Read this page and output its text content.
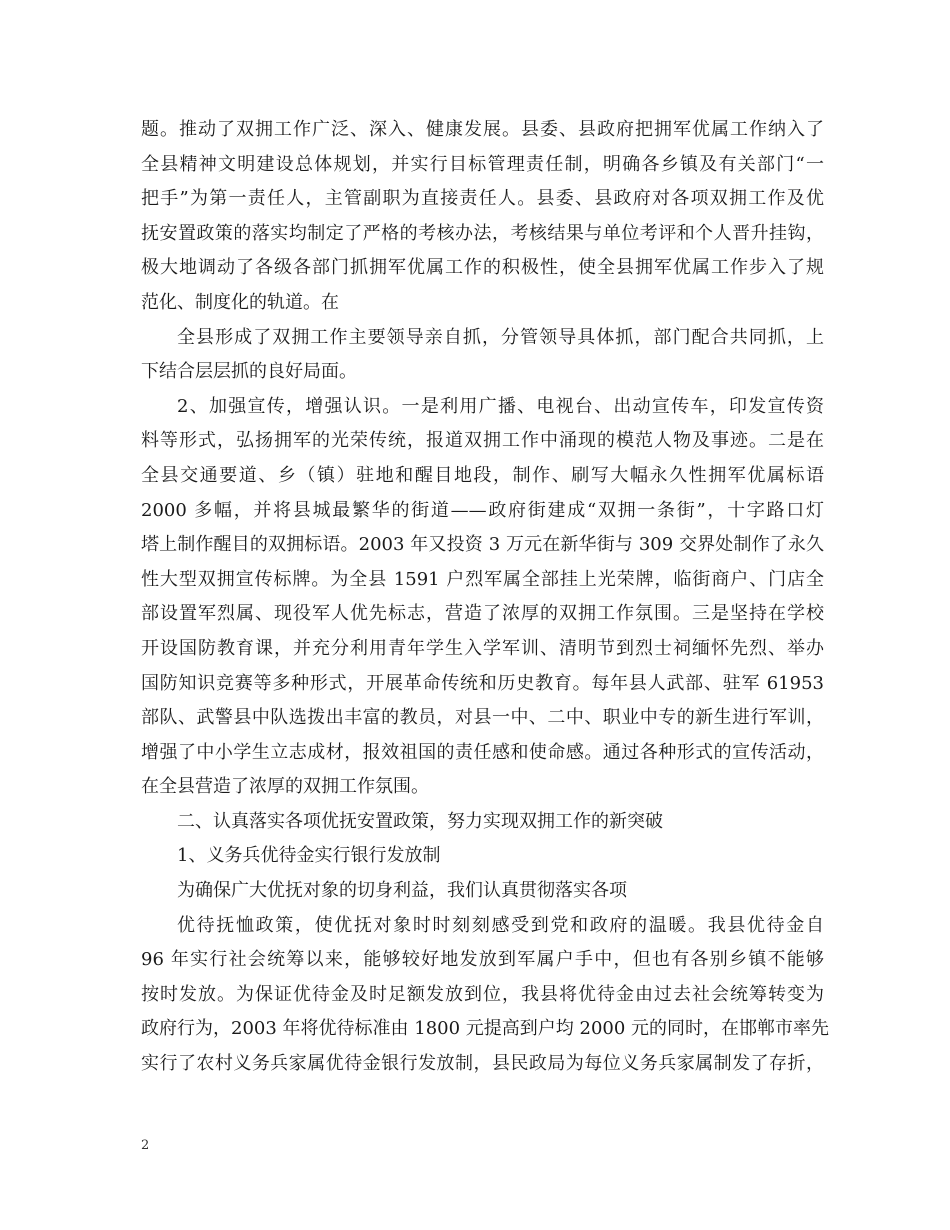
题。推动了双拥工作广泛、深入、健康发展。县委、县政府把拥军优属工作纳入了
全县精神文明建设总体规划，并实行目标管理责任制，明确各乡镇及有关部门“一
把手”为第一责任人，主管副职为直接责任人。县委、县政府对各项双拥工作及优
抚安置政策的落实均制定了严格的考核办法，考核结果与单位考评和个人晋升挂钩，
极大地调动了各级各部门抓拥军优属工作的积极性，使全县拥军优属工作步入了规
范化、制度化的轨道。在
全县形成了双拥工作主要领导亲自抓，分管领导具体抓，部门配合共同抓，上
下结合层层抓的良好局面。
2、加强宣传，增强认识。一是利用广播、电视台、出动宣传车，印发宣传资
料等形式，弘扬拥军的光荣传统，报道双拥工作中涌现的模范人物及事迹。二是在
全县交通要道、乡（镇）驻地和醒目地段，制作、刷写大幅永久性拥军优属标语
2000 多幅，并将县城最繁华的街道——政府街建成“双拥一条街”，十字路口灯
塔上制作醒目的双拥标语。2003 年又投资 3 万元在新华街与 309 交界处制作了永久
性大型双拥宣传标牌。为全县 1591 户烈军属全部挂上光荣牌，临街商户、门店全
部设置军烈属、现役军人优先标志，营造了浓厚的双拥工作氛围。三是坚持在学校
开设国防教育课，并充分利用青年学生入学军训、清明节到烈士祠缅怀先烈、举办
国防知识竞赛等多种形式，开展革命传统和历史教育。每年县人武部、驻军 61953
部队、武警县中队选拨出丰富的教员，对县一中、二中、职业中专的新生进行军训，
增强了中小学生立志成材，报效祖国的责任感和使命感。通过各种形式的宣传活动，
在全县营造了浓厚的双拥工作氛围。
二、认真落实各项优抚安置政策，努力实现双拥工作的新突破
1、义务兵优待金实行银行发放制
为确保广大优抚对象的切身利益，我们认真贯彻落实各项
优待抚恤政策，使优抚对象时时刻刻感受到党和政府的温暖。我县优待金自
96 年实行社会统筹以来，能够较好地发放到军属户手中，但也有各别乡镇不能够
按时发放。为保证优待金及时足额发放到位，我县将优待金由过去社会统筹转变为
政府行为，2003 年将优待标准由 1800 元提高到户均 2000 元的同时，在邯郸市率先
实行了农村义务兵家属优待金银行发放制，县民政局为每位义务兵家属制发了存折，
2
